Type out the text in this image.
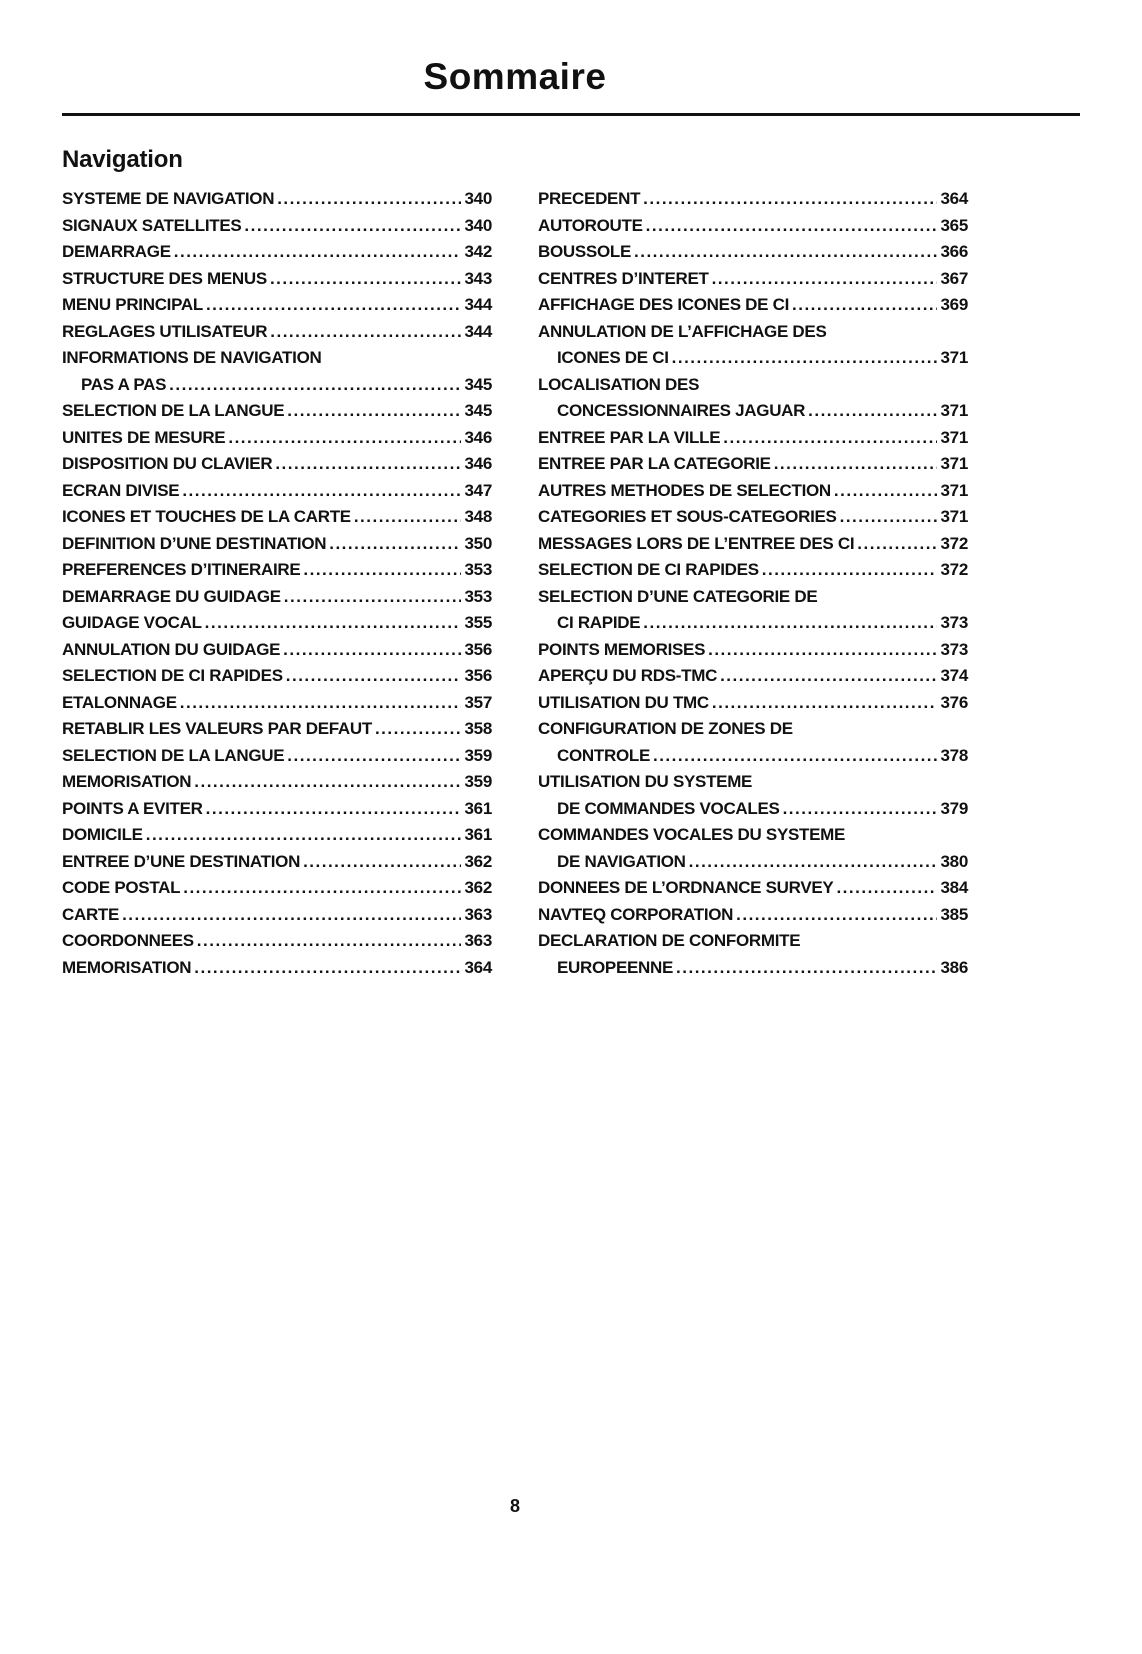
Sommaire
Navigation
SYSTEME DE NAVIGATION .....	340
SIGNAUX SATELLITES .....	340
DEMARRAGE .....	342
STRUCTURE DES MENUS .....	343
MENU PRINCIPAL .....	344
REGLAGES UTILISATEUR .....	344
INFORMATIONS DE NAVIGATION
PAS A PAS .....	345
SELECTION DE LA LANGUE .....	345
UNITES DE MESURE .....	346
DISPOSITION DU CLAVIER .....	346
ECRAN DIVISE .....	347
ICONES ET TOUCHES DE LA CARTE .....	348
DEFINITION D’UNE DESTINATION .....	350
PREFERENCES D’ITINERAIRE .....	353
DEMARRAGE DU GUIDAGE .....	353
GUIDAGE VOCAL .....	355
ANNULATION DU GUIDAGE .....	356
SELECTION DE CI RAPIDES .....	356
ETALONNAGE .....	357
RETABLIR LES VALEURS PAR DEFAUT .....	358
SELECTION DE LA LANGUE .....	359
MEMORISATION .....	359
POINTS A EVITER .....	361
DOMICILE .....	361
ENTREE D’UNE DESTINATION .....	362
CODE POSTAL .....	362
CARTE .....	363
COORDONNEES .....	363
MEMORISATION .....	364
PRECEDENT .....	364
AUTOROUTE .....	365
BOUSSOLE .....	366
CENTRES D’INTERET .....	367
AFFICHAGE DES ICONES DE CI .....	369
ANNULATION DE L’AFFICHAGE DES
ICONES DE CI .....	371
LOCALISATION DES
CONCESSIONNAIRES JAGUAR .....	371
ENTREE PAR LA VILLE .....	371
ENTREE PAR LA CATEGORIE .....	371
AUTRES METHODES DE SELECTION .....	371
CATEGORIES ET SOUS-CATEGORIES .....	371
MESSAGES LORS DE L’ENTREE DES CI .....	372
SELECTION DE CI RAPIDES .....	372
SELECTION D’UNE CATEGORIE DE
CI RAPIDE .....	373
POINTS MEMORISES .....	373
APERÇU DU RDS-TMC .....	374
UTILISATION DU TMC .....	376
CONFIGURATION DE ZONES DE
CONTROLE .....	378
UTILISATION DU SYSTEME
DE COMMANDES VOCALES .....	379
COMMANDES VOCALES DU SYSTEME
DE NAVIGATION .....	380
DONNEES DE L’ORDNANCE SURVEY .....	384
NAVTEQ CORPORATION .....	385
DECLARATION DE CONFORMITE
EUROPEENNE .....	386
8
